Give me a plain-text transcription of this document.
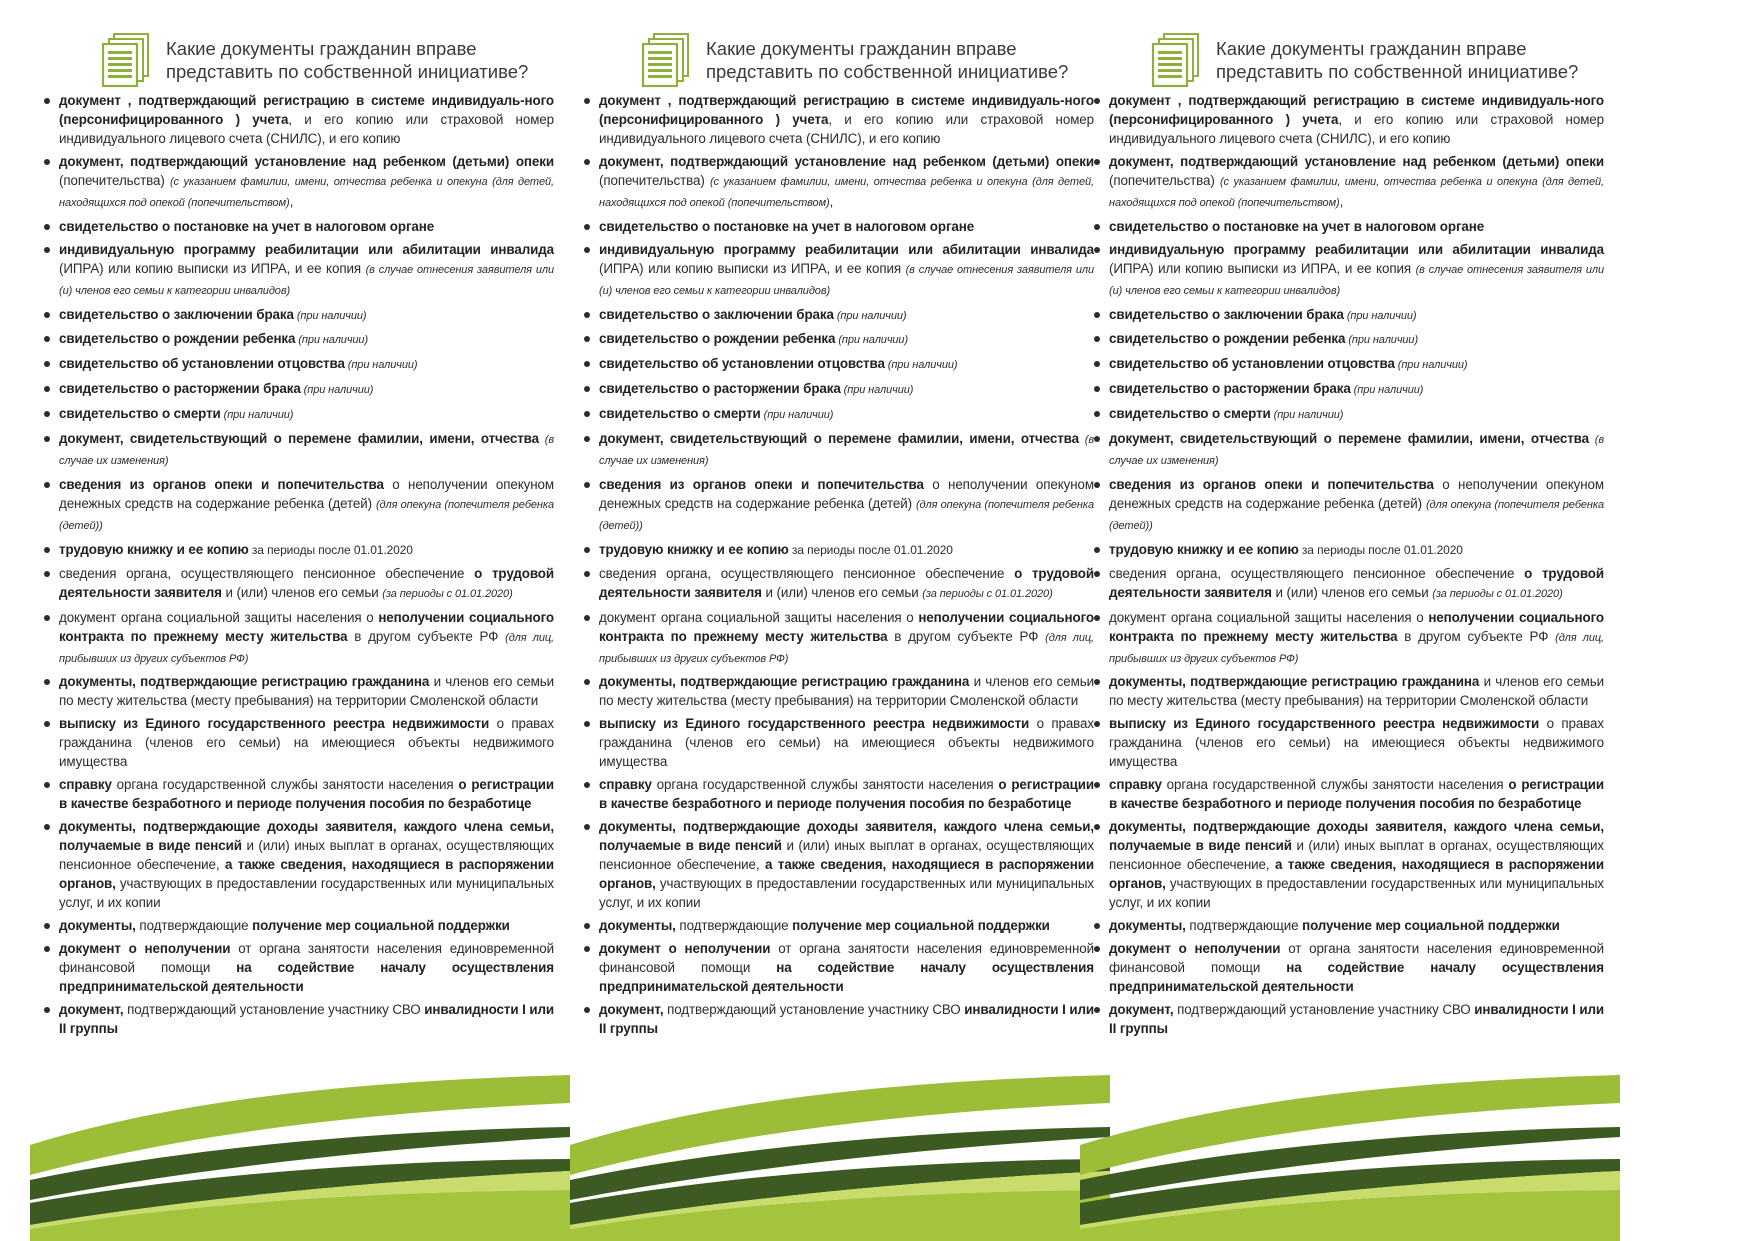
Какие документы гражданин вправе
представить по собственной инициативе?
документ , подтверждающий регистрацию в системе индивидуаль-ного (персонифицированного ) учета, и его копию или страховой номер индивидуального лицевого счета (СНИЛС), и его копию
документ, подтверждающий установление над ребенком (детьми) опеки (попечительства) (с указанием фамилии, имени, отчества ребенка и опекуна (для детей, находящихся под опекой (попечительством),
свидетельство о постановке на учет в налоговом органе
индивидуальную программу реабилитации или абилитации инвалида (ИПРА) или копию выписки из ИПРА, и ее копия (в случае отнесения заявителя или (и) членов его семьи к категории инвалидов)
свидетельство о заключении брака (при наличии)
свидетельство о рождении ребенка (при наличии)
свидетельство об установлении отцовства (при наличии)
свидетельство о расторжении брака (при наличии)
свидетельство о смерти (при наличии)
документ, свидетельствующий о перемене фамилии, имени, отчества (в случае их изменения)
сведения из органов опеки и попечительства о неполучении опекуном денежных средств на содержание ребенка (детей) (для опекуна (попечителя ребенка (детей))
трудовую книжку и ее копию за периоды после 01.01.2020
сведения органа, осуществляющего пенсионное обеспечение о трудовой деятельности заявителя и (или) членов его семьи (за периоды с 01.01.2020)
документ органа социальной защиты населения о неполучении социального контракта по прежнему месту жительства в другом субъекте РФ (для лиц, прибывших из других субъектов РФ)
документы, подтверждающие регистрацию гражданина и членов его семьи по месту жительства (месту пребывания) на территории Смоленской области
выписку из Единого государственного реестра недвижимости о правах гражданина (членов его семьи) на имеющиеся объекты недвижимого имущества
справку органа государственной службы занятости населения о регистрации в качестве безработного и периоде получения пособия по безработице
документы, подтверждающие доходы заявителя, каждого члена семьи, получаемые в виде пенсий и (или) иных выплат в органах, осуществляющих пенсионное обеспечение, а также сведения, находящиеся в распоряжении органов, участвующих в предоставлении государственных или муниципальных услуг, и их копии
документы, подтверждающие получение мер социальной поддержки
документ о неполучении от органа занятости населения единовременной финансовой помощи на содействие началу осуществления предпринимательской деятельности
документ, подтверждающий установление участнику СВО инвалидности I или II группы
Какие документы гражданин вправе
представить по собственной инициативе?
документ , подтверждающий регистрацию в системе индивидуаль-ного (персонифицированного ) учета, и его копию или страховой номер индивидуального лицевого счета (СНИЛС), и его копию
документ, подтверждающий установление над ребенком (детьми) опеки (попечительства) (с указанием фамилии, имени, отчества ребенка и опекуна (для детей, находящихся под опекой (попечительством),
свидетельство о постановке на учет в налоговом органе
индивидуальную программу реабилитации или абилитации инвалида (ИПРА) или копию выписки из ИПРА, и ее копия (в случае отнесения заявителя или (и) членов его семьи к категории инвалидов)
свидетельство о заключении брака (при наличии)
свидетельство о рождении ребенка (при наличии)
свидетельство об установлении отцовства (при наличии)
свидетельство о расторжении брака (при наличии)
свидетельство о смерти (при наличии)
документ, свидетельствующий о перемене фамилии, имени, отчества (в случае их изменения)
сведения из органов опеки и попечительства о неполучении опекуном денежных средств на содержание ребенка (детей) (для опекуна (попечителя ребенка (детей))
трудовую книжку и ее копию за периоды после 01.01.2020
сведения органа, осуществляющего пенсионное обеспечение о трудовой деятельности заявителя и (или) членов его семьи (за периоды с 01.01.2020)
документ органа социальной защиты населения о неполучении социального контракта по прежнему месту жительства в другом субъекте РФ (для лиц, прибывших из других субъектов РФ)
документы, подтверждающие регистрацию гражданина и членов его семьи по месту жительства (месту пребывания) на территории Смоленской области
выписку из Единого государственного реестра недвижимости о правах гражданина (членов его семьи) на имеющиеся объекты недвижимого имущества
справку органа государственной службы занятости населения о регистрации в качестве безработного и периоде получения пособия по безработице
документы, подтверждающие доходы заявителя, каждого члена семьи, получаемые в виде пенсий и (или) иных выплат в органах, осуществляющих пенсионное обеспечение, а также сведения, находящиеся в распоряжении органов, участвующих в предоставлении государственных или муниципальных услуг, и их копии
документы, подтверждающие получение мер социальной поддержки
документ о неполучении от органа занятости населения единовременной финансовой помощи на содействие началу осуществления предпринимательской деятельности
документ, подтверждающий установление участнику СВО инвалидности I или II группы
Какие документы гражданин вправе
представить по собственной инициативе?
документ , подтверждающий регистрацию в системе индивидуаль-ного (персонифицированного ) учета, и его копию или страховой номер индивидуального лицевого счета (СНИЛС), и его копию
документ, подтверждающий установление над ребенком (детьми) опеки (попечительства) (с указанием фамилии, имени, отчества ребенка и опекуна (для детей, находящихся под опекой (попечительством),
свидетельство о постановке на учет в налоговом органе
индивидуальную программу реабилитации или абилитации инвалида (ИПРА) или копию выписки из ИПРА, и ее копия (в случае отнесения заявителя или (и) членов его семьи к категории инвалидов)
свидетельство о заключении брака (при наличии)
свидетельство о рождении ребенка (при наличии)
свидетельство об установлении отцовства (при наличии)
свидетельство о расторжении брака (при наличии)
свидетельство о смерти (при наличии)
документ, свидетельствующий о перемене фамилии, имени, отчества (в случае их изменения)
сведения из органов опеки и попечительства о неполучении опекуном денежных средств на содержание ребенка (детей) (для опекуна (попечителя ребенка (детей))
трудовую книжку и ее копию за периоды после 01.01.2020
сведения органа, осуществляющего пенсионное обеспечение о трудовой деятельности заявителя и (или) членов его семьи (за периоды с 01.01.2020)
документ органа социальной защиты населения о неполучении социального контракта по прежнему месту жительства в другом субъекте РФ (для лиц, прибывших из других субъектов РФ)
документы, подтверждающие регистрацию гражданина и членов его семьи по месту жительства (месту пребывания) на территории Смоленской области
выписку из Единого государственного реестра недвижимости о правах гражданина (членов его семьи) на имеющиеся объекты недвижимого имущества
справку органа государственной службы занятости населения о регистрации в качестве безработного и периоде получения пособия по безработице
документы, подтверждающие доходы заявителя, каждого члена семьи, получаемые в виде пенсий и (или) иных выплат в органах, осуществляющих пенсионное обеспечение, а также сведения, находящиеся в распоряжении органов, участвующих в предоставлении государственных или муниципальных услуг, и их копии
документы, подтверждающие получение мер социальной поддержки
документ о неполучении от органа занятости населения единовременной финансовой помощи на содействие началу осуществления предпринимательской деятельности
документ, подтверждающий установление участнику СВО инвалидности I или II группы
